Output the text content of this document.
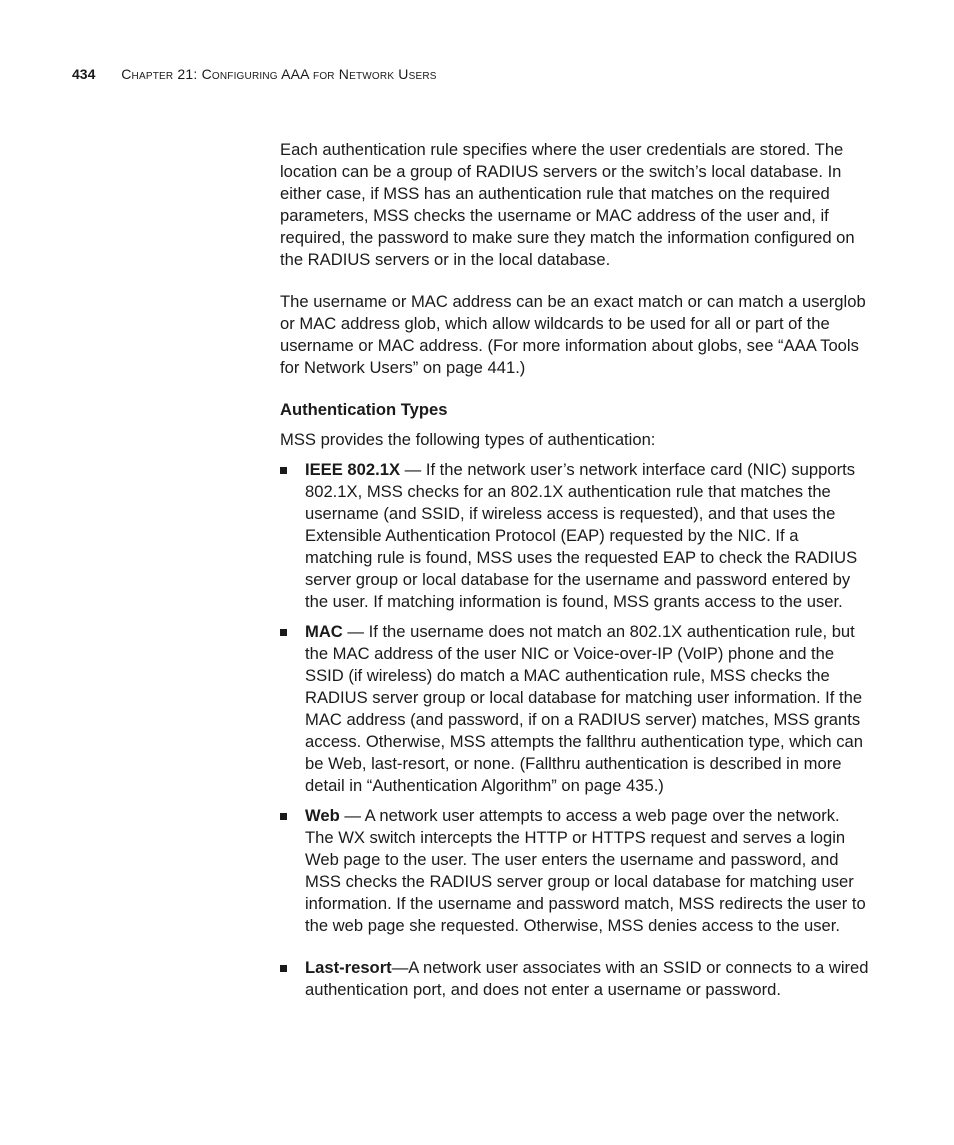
434 Chapter 21: Configuring AAA for Network Users

Each authentication rule specifies where the user credentials are stored. The location can be a group of RADIUS servers or the switch’s local database. In either case, if MSS has an authentication rule that matches on the required parameters, MSS checks the username or MAC address of the user and, if required, the password to make sure they match the information configured on the RADIUS servers or in the local database.

The username or MAC address can be an exact match or can match a userglob or MAC address glob, which allow wildcards to be used for all or part of the username or MAC address. (For more information about globs, see “AAA Tools for Network Users” on page 441.)

Authentication Types

MSS provides the following types of authentication:

IEEE 802.1X — If the network user’s network interface card (NIC) supports 802.1X, MSS checks for an 802.1X authentication rule that matches the username (and SSID, if wireless access is requested), and that uses the Extensible Authentication Protocol (EAP) requested by the NIC. If a matching rule is found, MSS uses the requested EAP to check the RADIUS server group or local database for the username and password entered by the user. If matching information is found, MSS grants access to the user.
MAC — If the username does not match an 802.1X authentication rule, but the MAC address of the user NIC or Voice-over-IP (VoIP) phone and the SSID (if wireless) do match a MAC authentication rule, MSS checks the RADIUS server group or local database for matching user information. If the MAC address (and password, if on a RADIUS server) matches, MSS grants access. Otherwise, MSS attempts the fallthru authentication type, which can be Web, last-resort, or none. (Fallthru authentication is described in more detail in “Authentication Algorithm” on page 435.)
Web — A network user attempts to access a web page over the network. The WX switch intercepts the HTTP or HTTPS request and serves a login Web page to the user. The user enters the username and password, and MSS checks the RADIUS server group or local database for matching user information. If the username and password match, MSS redirects the user to the web page she requested. Otherwise, MSS denies access to the user.
Last-resort—A network user associates with an SSID or connects to a wired authentication port, and does not enter a username or password.
